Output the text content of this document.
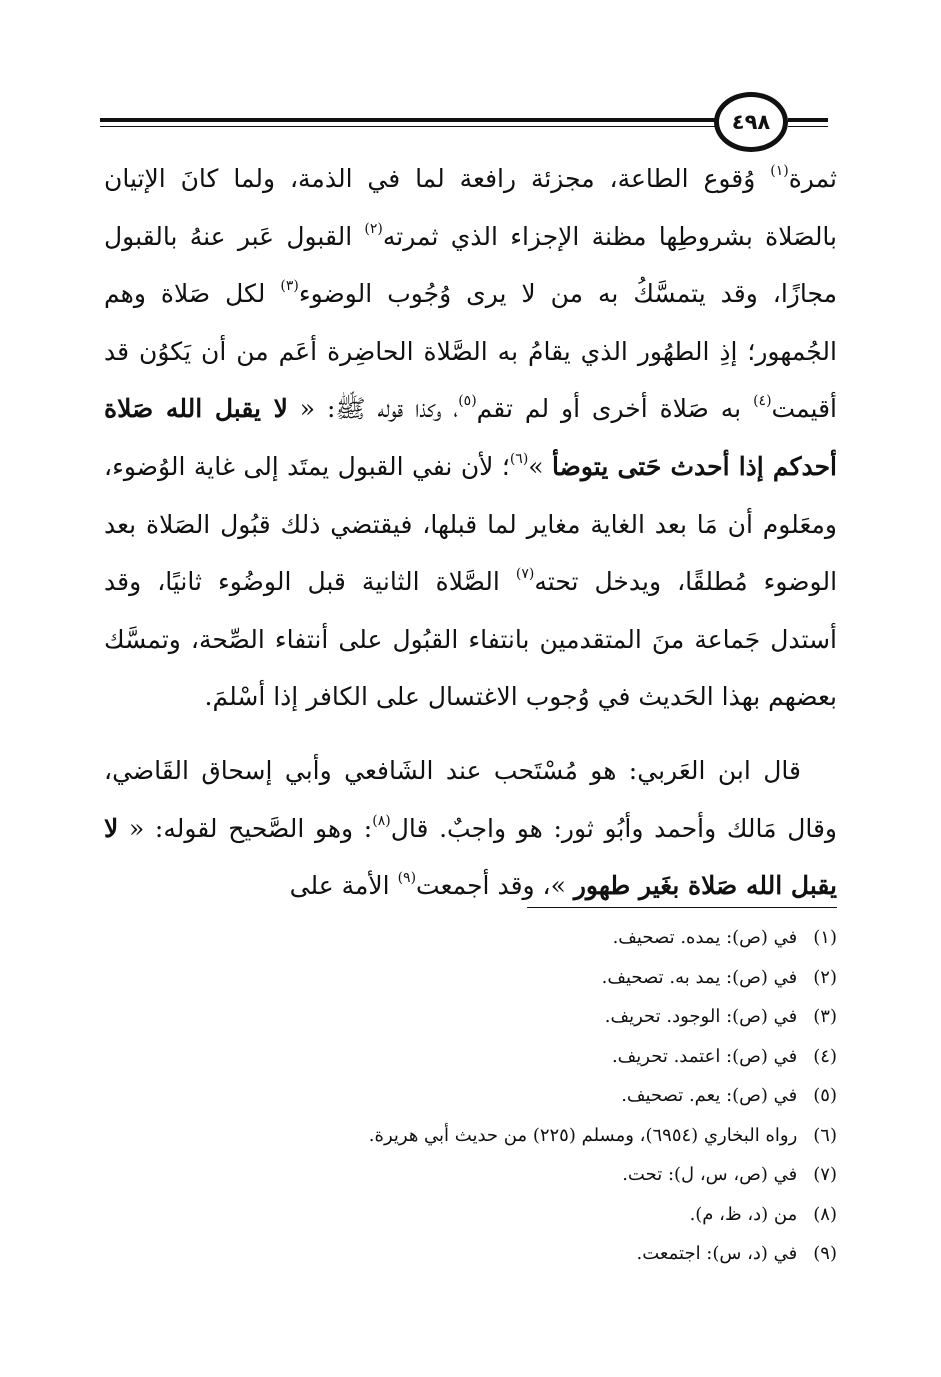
٤٩٨

ثمرة$^{(١)}$ وُقوع الطاعة، مجزئة رافعة لما في الذمة، ولما كانَ الإتيان بالصَلاة بشروطِها مظنة الإجزاء الذي ثمرته$^{(٢)}$ القبول عَبر عنهُ بالقبول مجازًا، وقد يتمسَّكُ به من لا يرى وُجُوب الوضوء$^{(٣)}$ لكل صَلاة وهم الجُمهور؛ إذِ الطهُور الذي يقامُ به الصَّلاة الحاضِرة أعَم من أن يَكوُن قد أقيمت$^{(٤)}$ به صَلاة أخرى أو لم تقم$^{(٥)}$، وكذا قوله ﷺ: « لا يقبل الله صَلاة أحدكم إذا أحدث حَتى يتوضأ »$^{(٦)}$؛ لأن نفي القبول يمتَد إلى غاية الوُضوء، ومعَلوم أن مَا بعد الغاية مغاير لما قبلها، فيقتضي ذلك قبُول الصَلاة بعد الوضوء مُطلقًا، ويدخل تحته$^{(٧)}$ الصَّلاة الثانية قبل الوضُوء ثانيًا، وقد أستدل جَماعة منَ المتقدمين بانتفاء القبُول على أنتفاء الصِّحة، وتمسَّك بعضهم بهذا الحَديث في وُجوب الاغتسال على الكافر إذا أسْلمَ.

قال ابن العَربي: هو مُسْتَحب عند الشَافعي وأبي إسحاق القَاضي، وقال مَالك وأحمد وأبُو ثور: هو واجبٌ. قال$^{(٨)}$: وهو الصَّحيح لقوله: « لا يقبل الله صَلاة بغَير طهور »، وقد أجمعت$^{(٩)}$ الأمة على

(١) في (ص): يمده. تصحيف.
(٢) في (ص): يمد به. تصحيف.
(٣) في (ص): الوجود. تحريف.
(٤) في (ص): اعتمد. تحريف.
(٥) في (ص): يعم. تصحيف.
(٦) رواه البخاري (٦٩٥٤)، ومسلم (٢٢٥) من حديث أبي هريرة.
(٧) في (ص، س، ل): تحت.
(٨) من (د، ظ، م).
(٩) في (د، س): اجتمعت.
